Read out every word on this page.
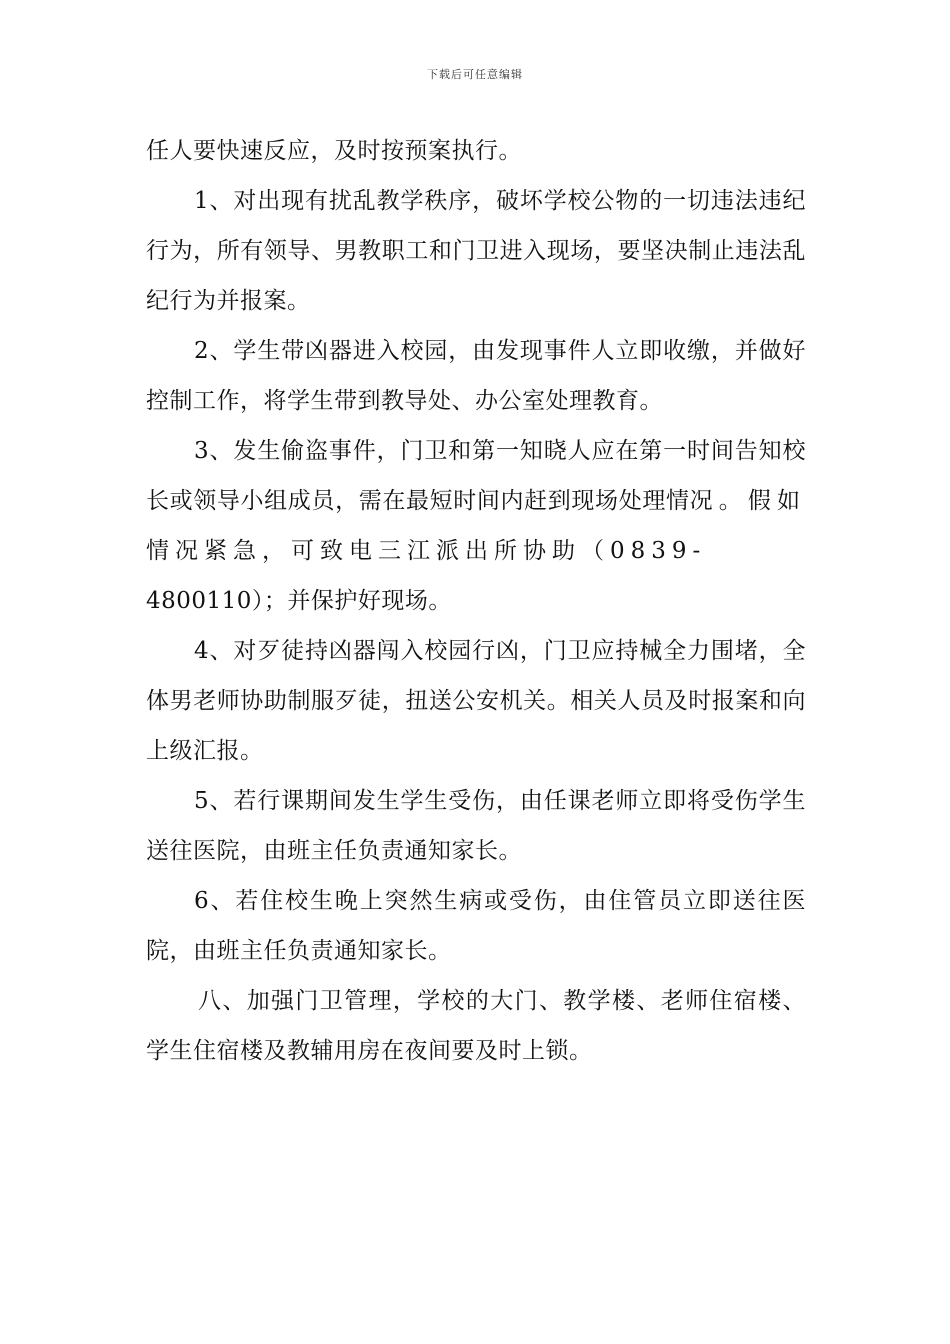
下载后可任意编辑

任人要快速反应，及时按预案执行。

1、对出现有扰乱教学秩序，破坏学校公物的一切违法违纪行为，所有领导、男教职工和门卫进入现场，要坚决制止违法乱纪行为并报案。

2、学生带凶器进入校园，由发现事件人立即收缴，并做好控制工作，将学生带到教导处、办公室处理教育。

3、发生偷盗事件，门卫和第一知晓人应在第一时间告知校长或领导小组成员，需在最短时间内赶到现场处理情况。假如情况紧急，可致电三江派出所协助（0839-
4800110）；并保护好现场。

4、对歹徒持凶器闯入校园行凶，门卫应持械全力围堵，全体男老师协助制服歹徒，扭送公安机关。相关人员及时报案和向上级汇报。

5、若行课期间发生学生受伤，由任课老师立即将受伤学生送往医院，由班主任负责通知家长。

6、若住校生晚上突然生病或受伤，由住管员立即送往医院，由班主任负责通知家长。

八、加强门卫管理，学校的大门、教学楼、老师住宿楼、学生住宿楼及教辅用房在夜间要及时上锁。
